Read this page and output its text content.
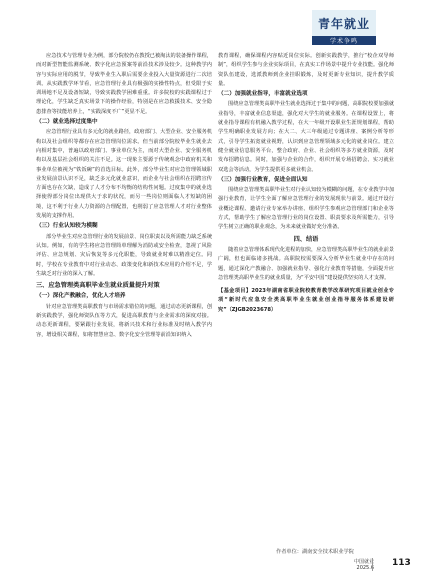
青年就业
学术争鸣

应急技术与管理专业为例，部分院校仍在教授已被淘汰的装备操作课程，而对新型智能监测系统、数字化应急预案等前沿技术涉及较少。这种教学内容与实际应用的脱节，导致毕业生入职后需要企业投入大量资源进行二次培训。从实践教学环节看，应急管理行业具有极强的实操性特点，但受限于实训场地不足及设备短缺，导致实践教学困难重重。许多院校的实践课程过于理论化，学生缺乏真实场景下的操作经验，特别是在应急救援技术、安全隐患排查等技能培养上，“实践深度不广”更显不足。

（二）就业选择过度集中

应急管理行业具有多元化的就业路径，政府部门、大型企业、安全服务机构以及社会组织等都存在应急管理岗位需求。但当前部分院校毕业生就业去向相对集中，普遍以政府部门、事业单位为主，而对大型企业、安全服务机构以及基层社会组织的关注不足。这一现象主要源于传统观念中政府机关和事业单位被视为“铁饭碗”的首选目标。此外，部分毕业生对应急管理领域职业发展前景认识不足，缺乏多元化就业意识，而企业与社会组织在招聘宣传方面也存在欠缺，造成了人才分布不均衡的结构性问题。过度集中的就业选择使得部分岗位出现供大于求的状况，而另一些岗位则面临人才短缺的困境，这不利于行业人力资源的合理配置，也削弱了应急管理人才对行业整体发展的支撑作用。

（三）行业认知较为模糊

部分毕业生对应急管理行业的发展前景、岗位职责以及所需能力缺乏系统认知。例如，有的学生将应急管理简单理解为消防或安全检查，忽视了风险评估、应急规划、灾后恢复等多元化职能，导致就业时难以精准定位。同时，学校在专业教育中对行业动态、政策变化和新技术应用的介绍不足，学生缺乏对行业的深入了解。

三、应急管理类高职毕业生就业质量提升对策
（一）深化产教融合，优化人才培养

针对应急管理类高职教育与市场需求错位的问题，通过动态更新课程，创新实践教学，强化师资队伍等方式，促进高职教育与企业需求的深度对接。动态更新课程，要紧跟行业发展，将新兴技术和行业标准及时纳入教学内容，增设相关课程，如将智慧应急、数字化安全管理等前沿知识纳入

教育课程，确保课程内容贴近岗位实际。创新实践教学，推行“校企双导师制”，组织学生参与企业实际项目，在真实工作场景中提升专业技能。强化师资队伍建设，选派教师到企业挂职锻炼，及时更新专业知识，提升教学质量。

（二）加强就业指导，丰富就业选项

围绕应急管理类高职毕业生就业选择过于集中的问题，高职院校要加强就业指导，丰富就业信息渠道，强化对大学生的就业服务。在课程设置上，将就业指导课程有机融入教学过程，在大一年级开设职业生涯规划课程，帮助学生明确职业发展方向；在大二、大三年级通过专题讲座、案例分析等形式，引导学生拓宽就业视野，认识到应急管理领域多元化的就业岗位。建立健全就业信息服务平台，整合政府、企业、社会组织等多方就业资源，及时发布招聘信息。同时，加强与企业的合作，组织开展专场招聘会、实习就业双选会等活动，为学生提供更多就业机会。

（三）加强行业教育，促进全面认知

围绕应急管理类高职毕业生对行业认知较为模糊的问题，在专业教学中加强行业教育，让学生全面了解应急管理行业的发展现状与前景。通过开设行业概论课程、邀请行业专家举办讲座、组织学生参观应急管理部门和企业等方式，帮助学生了解应急管理行业的岗位设置、职责要求及所需能力，引导学生树立正确的职业观念，为未来就业做好充分准备。

四、结语

随着应急管理体系现代化进程的加快，应急管理类高职毕业生的就业前景广阔，但也面临诸多挑战。高职院校需要深入分析毕业生就业中存在的问题，通过深化产教融合、加强就业指导、强化行业教育等措施，全面提升应急管理类高职毕业生的就业质量，为“平安中国”建设提供坚实的人才支撑。

【基金项目】2023年湖南省职业院校教育教学改革研究项目就业创业专项“新时代应急安全类高职毕业生就业创业指导服务体系建设研究”（ZJGB2023678）

作者单位：湖南安全技术职业学院
中国就业
2025.6 113
